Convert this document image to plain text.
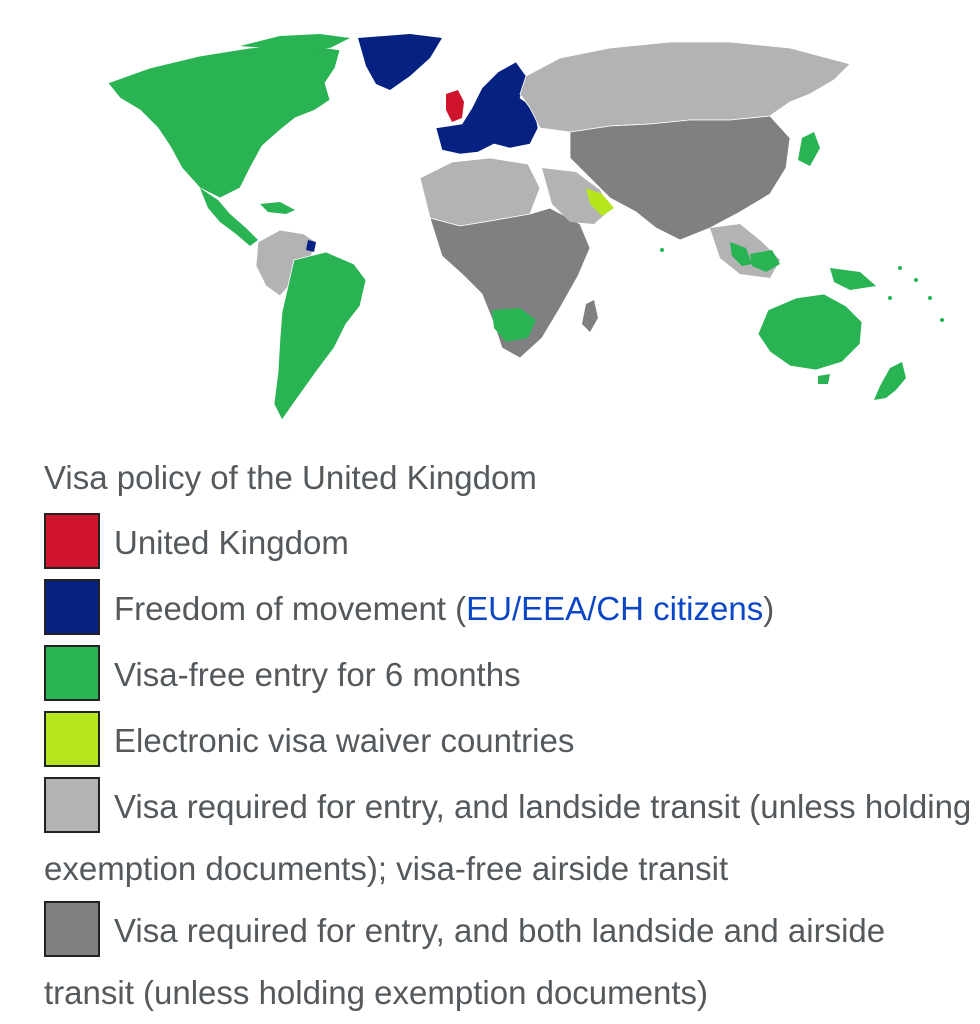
Visa policy of the United Kingdom
United Kingdom
Freedom of movement (EU/EEA/CH citizens)
Visa-free entry for 6 months
Electronic visa waiver countries
Visa required for entry, and landside transit (unless holding exemption documents); visa-free airside transit
Visa required for entry, and both landside and airside transit (unless holding exemption documents)
